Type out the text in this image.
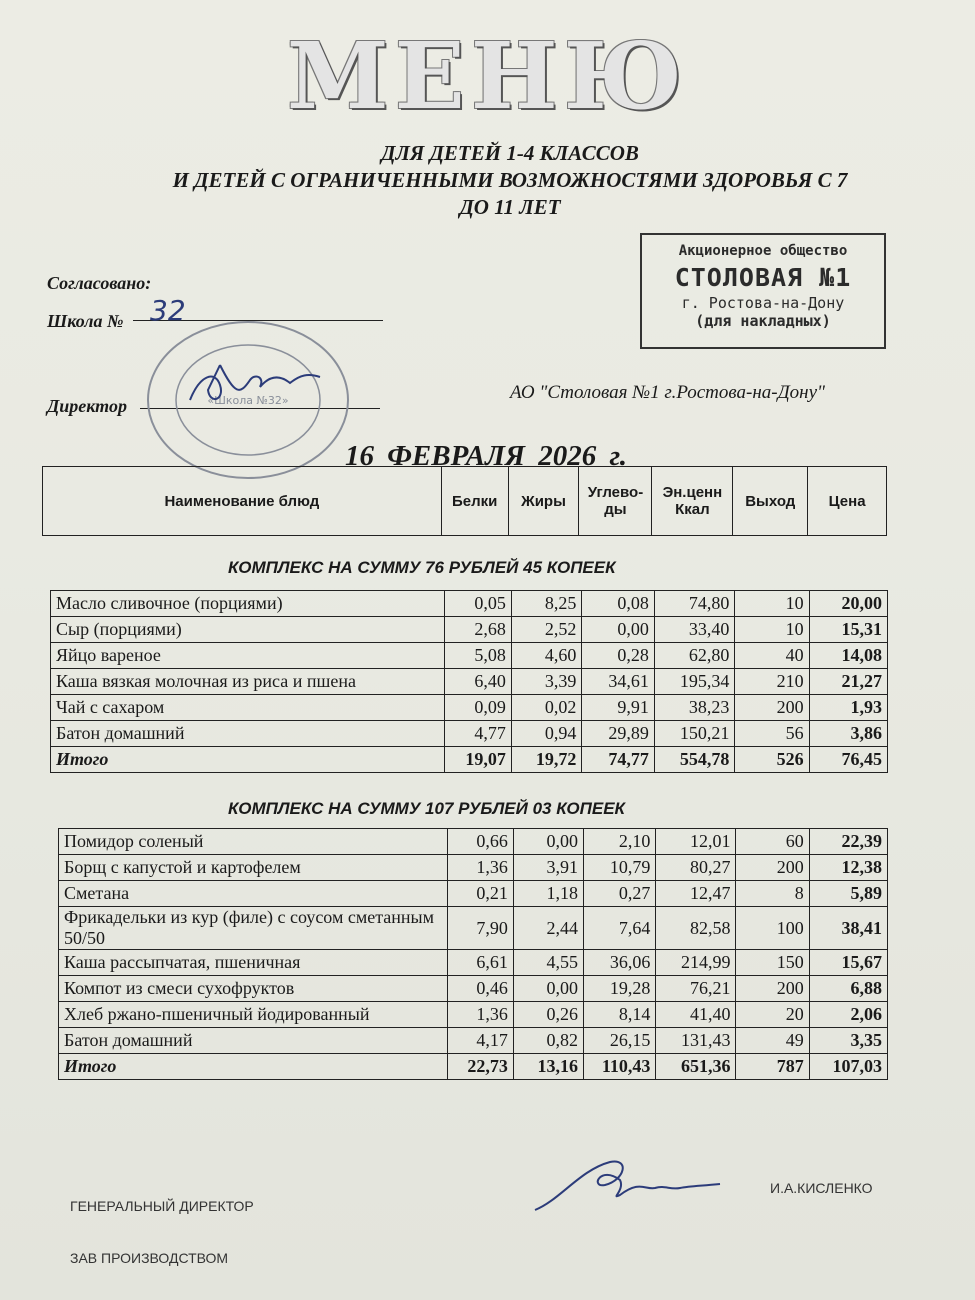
МЕНЮ
ДЛЯ ДЕТЕЙ 1-4 КЛАССОВ
И ДЕТЕЙ С ОГРАНИЧЕННЫМИ ВОЗМОЖНОСТЯМИ ЗДОРОВЬЯ С 7
ДО 11 ЛЕТ
Согласовано:
Школа № 32
Директор	«Школа №32»
Акционерное общество
СТОЛОВАЯ №1
г. Ростова-на-Дону
(для накладных)
АО "Столовая №1 г.Ростова-на-Дону"
16 ФЕВРАЛЯ 2026 г.
Наименование блюд	Белки	Жиры	Углево-ды	Эн.ценн Ккал	Выход	Цена
КОМПЛЕКС НА СУММУ 76 РУБЛЕЙ 45 КОПЕЕК
Масло сливочное (порциями)	0,05	8,25	0,08	74,80	10	20,00
Сыр (порциями)	2,68	2,52	0,00	33,40	10	15,31
Яйцо вареное	5,08	4,60	0,28	62,80	40	14,08
Каша вязкая молочная из риса и пшена	6,40	3,39	34,61	195,34	210	21,27
Чай с сахаром	0,09	0,02	9,91	38,23	200	1,93
Батон домашний	4,77	0,94	29,89	150,21	56	3,86
Итого	19,07	19,72	74,77	554,78	526	76,45
КОМПЛЕКС НА СУММУ 107 РУБЛЕЙ 03 КОПЕЕК
Помидор соленый	0,66	0,00	2,10	12,01	60	22,39
Борщ с капустой и картофелем	1,36	3,91	10,79	80,27	200	12,38
Сметана	0,21	1,18	0,27	12,47	8	5,89
Фрикадельки из кур (филе) с соусом сметанным 50/50	7,90	2,44	7,64	82,58	100	38,41
Каша рассыпчатая, пшеничная	6,61	4,55	36,06	214,99	150	15,67
Компот из смеси сухофруктов	0,46	0,00	19,28	76,21	200	6,88
Хлеб ржано-пшеничный йодированный	1,36	0,26	8,14	41,40	20	2,06
Батон домашний	4,17	0,82	26,15	131,43	49	3,35
Итого	22,73	13,16	110,43	651,36	787	107,03
ГЕНЕРАЛЬНЫЙ ДИРЕКТОР
И.А.КИСЛЕНКО
ЗАВ ПРОИЗВОДСТВОМ
